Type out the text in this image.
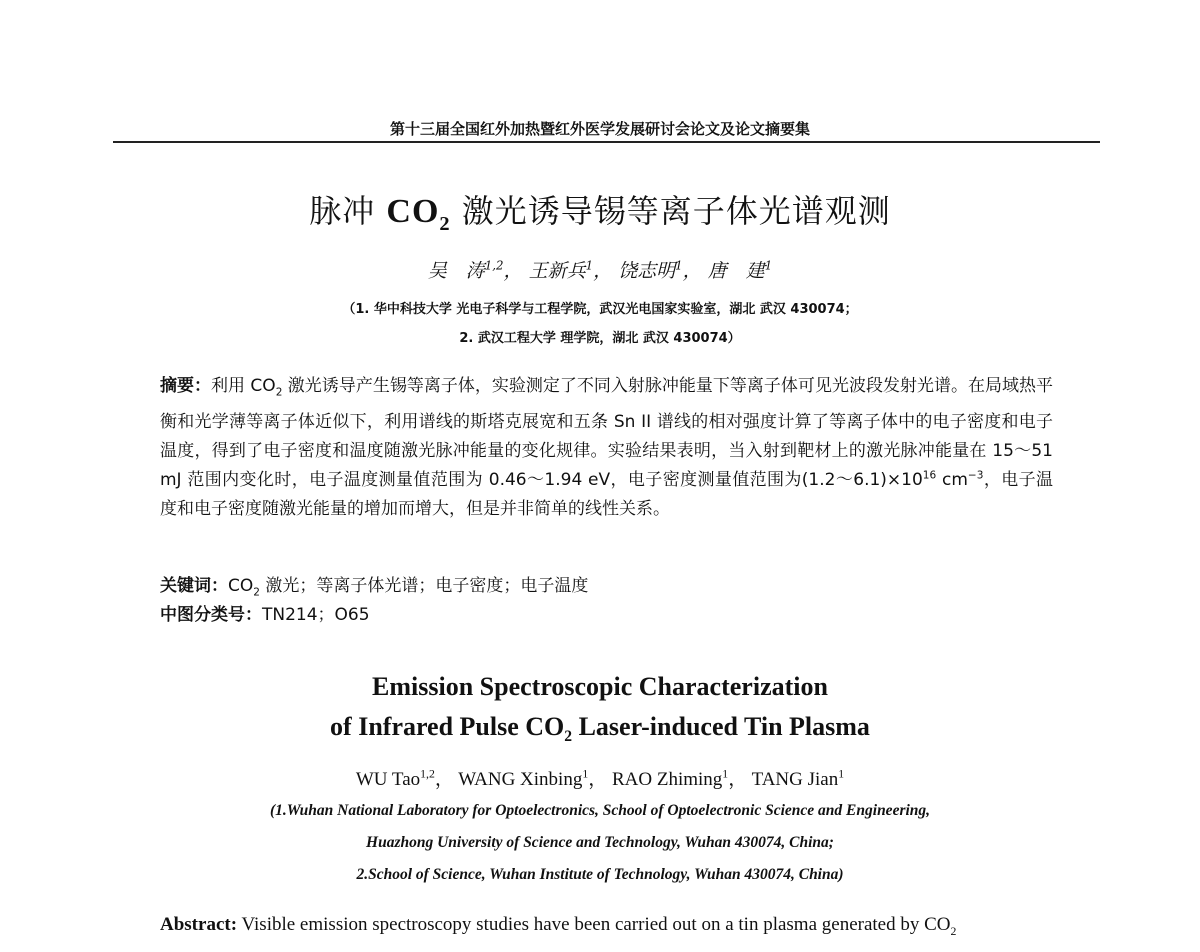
第十三届全国红外加热暨红外医学发展研讨会论文及论文摘要集
脉冲 $CO_2$ 激光诱导锡等离子体光谱观测
吴　涛$^{1,2}$， 王新兵$^1$， 饶志明$^1$， 唐　建$^1$
（1. 华中科技大学 光电子科学与工程学院，武汉光电国家实验室，湖北 武汉 430074；
2. 武汉工程大学 理学院，湖北 武汉 430074）
摘要：利用 $CO_2$ 激光诱导产生锡等离子体，实验测定了不同入射脉冲能量下等离子体可见光波段发射光谱。在局域热平衡和光学薄等离子体近似下，利用谱线的斯塔克展宽和五条 Sn II 谱线的相对强度计算了等离子体中的电子密度和电子温度，得到了电子密度和温度随激光脉冲能量的变化规律。实验结果表明，当入射到靶材上的激光脉冲能量在 15～51 mJ 范围内变化时，电子温度测量值范围为 0.46～1.94 eV，电子密度测量值范围为$(1.2\sim 6.1)\times 10^{16}$ $cm^{-3}$，电子温度和电子密度随激光能量的增加而增大，但是并非简单的线性关系。
关键词：$CO_2$ 激光；等离子体光谱；电子密度；电子温度
中图分类号：TN214；O65
Emission Spectroscopic Characterization
of Infrared Pulse $CO_2$ Laser-induced Tin Plasma
WU Tao$^{1,2}$， WANG Xinbing$^1$， RAO Zhiming$^1$， TANG Jian$^1$
(1.Wuhan National Laboratory for Optoelectronics, School of Optoelectronic Science and Engineering,
Huazhong University of Science and Technology, Wuhan 430074, China;
2.School of Science, Wuhan Institute of Technology, Wuhan 430074, China)
Abstract: Visible emission spectroscopy studies have been carried out on a tin plasma generated by $CO_2$
